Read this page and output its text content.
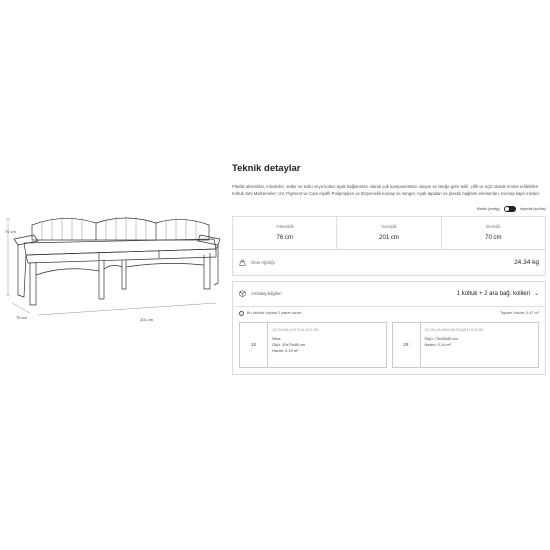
76 cm
201 cm
70 cm
Teknik detaylar
Plastik aksesklar, minderler, setler ve koltu veya koltuz ayak bağlantıları olarak çok komponentten oluşan ve isteğe göre tekli, çiftli ve üçlü olarak monte edilebilen Koltuk Seti Malzemeler: UV, Pigment ve Cam elyaflı Polipropilen ve Döşemelik kumaş ve sünger. Ayak tapaları ve plastik bağlantı elemanları. Kumaş kaplı minder.
Metrik (cm/kg)	Imperial (inc/lbs)
Yükseklik
76 cm
Genişlik
201 cm
Derinlik
70 cm
Ürün Ağırlığı	24.34 kg
Ambalaj Bilgileri	1 koltuk + 2 ara bağ. kolileri ⌄
i	Bu üründe toplam 2 paket vardır.	Toplam Hacim: 0.47 m³
1X
1Ü SİLVA KOLTUK KOLİSİ
Silva
Ölçü: 30x79x80 cm
Hacim: 0.19 m³
2X
1Ü SİLVA ARA BAĞLANTI KOLİSİ
Ölçü: 73x25x80 cm
Hacim: 0.14 m³
